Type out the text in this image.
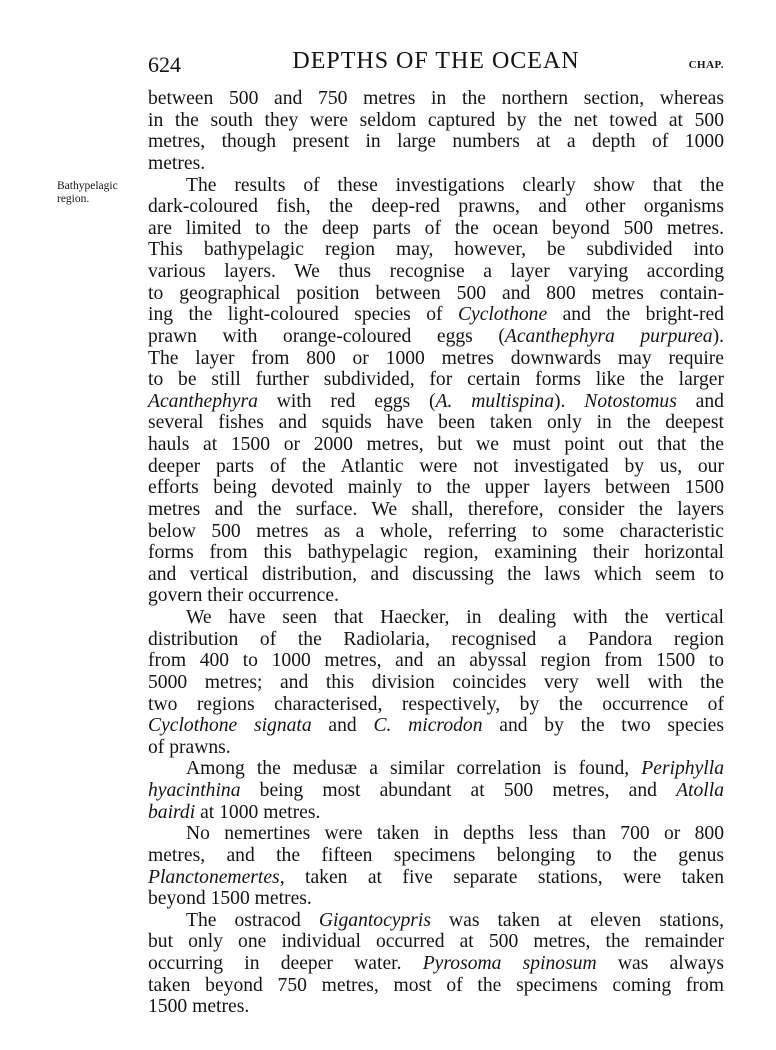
624	DEPTHS OF THE OCEAN	CHAP.
Bathypelagic
region.
between 500 and 750 metres in the northern section, whereas
in the south they were seldom captured by the net towed at 500
metres, though present in large numbers at a depth of 1000
metres.
The results of these investigations clearly show that the
dark-coloured fish, the deep-red prawns, and other organisms
are limited to the deep parts of the ocean beyond 500 metres.
This bathypelagic region may, however, be subdivided into
various layers. We thus recognise a layer varying according
to geographical position between 500 and 800 metres contain-
ing the light-coloured species of Cyclothone and the bright-red
prawn with orange-coloured eggs (Acanthephyra purpurea).
The layer from 800 or 1000 metres downwards may require
to be still further subdivided, for certain forms like the larger
Acanthephyra with red eggs (A. multispina). Notostomus and
several fishes and squids have been taken only in the deepest
hauls at 1500 or 2000 metres, but we must point out that the
deeper parts of the Atlantic were not investigated by us, our
efforts being devoted mainly to the upper layers between 1500
metres and the surface. We shall, therefore, consider the layers
below 500 metres as a whole, referring to some characteristic
forms from this bathypelagic region, examining their horizontal
and vertical distribution, and discussing the laws which seem to
govern their occurrence.
We have seen that Haecker, in dealing with the vertical
distribution of the Radiolaria, recognised a Pandora region
from 400 to 1000 metres, and an abyssal region from 1500 to
5000 metres; and this division coincides very well with the
two regions characterised, respectively, by the occurrence of
Cyclothone signata and C. microdon and by the two species
of prawns.
Among the medusæ a similar correlation is found, Periphylla
hyacinthina being most abundant at 500 metres, and Atolla
bairdi at 1000 metres.
No nemertines were taken in depths less than 700 or 800
metres, and the fifteen specimens belonging to the genus
Planctonemertes, taken at five separate stations, were taken
beyond 1500 metres.
The ostracod Gigantocypris was taken at eleven stations,
but only one individual occurred at 500 metres, the remainder
occurring in deeper water. Pyrosoma spinosum was always
taken beyond 750 metres, most of the specimens coming from
1500 metres.
